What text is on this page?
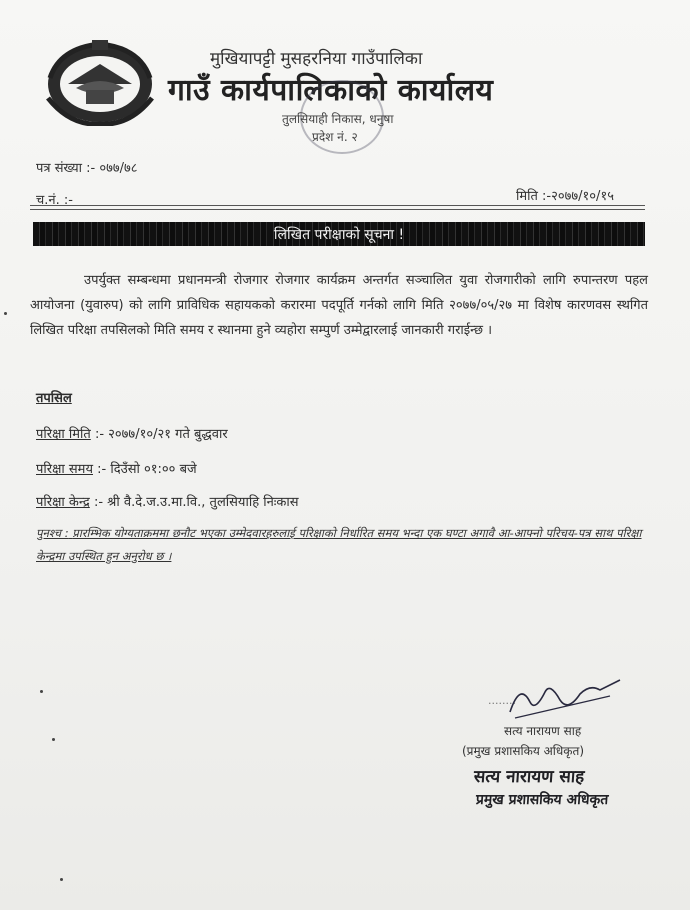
मुखियापट्टी मुसहरनिया गाउँपालिका
गाउँ कार्यपालिकाको कार्यालय
तुलसियाही निकास, धनुषा
प्रदेश नं. २
पत्र संख्या :- ०७७/७८
च.नं. :-	मिति :-२०७७/१०/१५
लिखित परीक्षाको सूचना !
उपर्युक्त सम्बन्धमा प्रधानमन्त्री रोजगार रोजगार कार्यक्रम अन्तर्गत सञ्चालित युवा रोजगारीको लागि रुपान्तरण पहल आयोजना (युवारुप) को लागि प्राविधिक सहायकको करारमा पदपूर्ति गर्नको लागि मिति २०७७/०५/२७ मा विशेष कारणवस स्थगित लिखित परिक्षा तपसिलको मिति समय र स्थानमा हुने व्यहोरा सम्पुर्ण उम्मेद्वारलाई जानकारी गराईन्छ ।
तपसिल
परिक्षा मिति :- २०७७/१०/२१ गते बुद्धवार
परिक्षा समय :- दिउँसो ०१:०० बजे
परिक्षा केन्द्र :- श्री वै.दे.ज.उ.मा.वि., तुलसियाहि निःकास
पुनश्च : प्रारम्भिक योग्यताक्रममा छनौट भएका उम्मेदवारहरुलाई परिक्षाको निर्धारित समय भन्दा एक घण्टा अगावै आ-आफ्नो परिचय-पत्र साथ परिक्षा केन्द्रमा उपस्थित हुन अनुरोध छ ।
........
सत्य नारायण साह
(प्रमुख प्रशासकिय अधिकृत)
सत्य नारायण साह
प्रमुख प्रशासकिय अधिकृत
